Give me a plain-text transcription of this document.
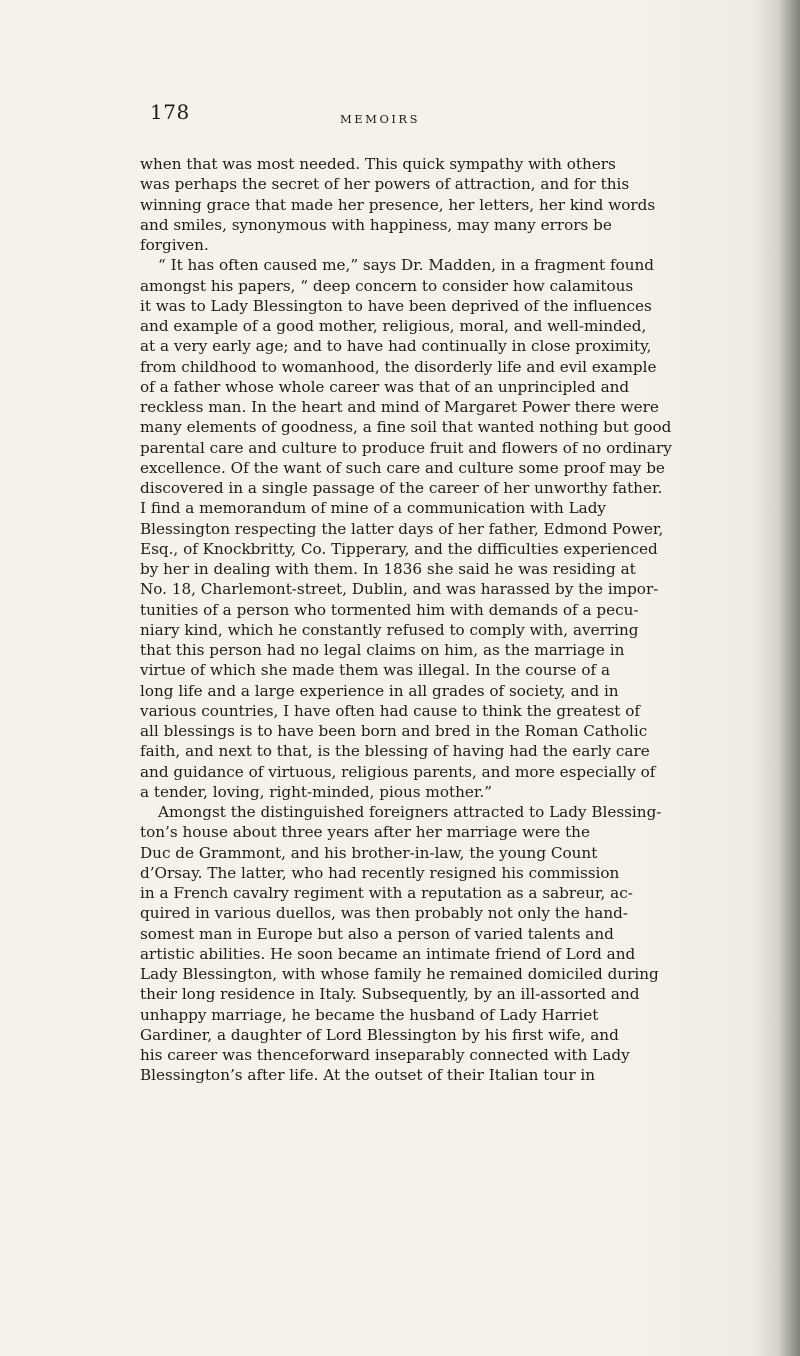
178	MEMOIRS
when that was most needed. This quick sympathy with others
was perhaps the secret of her powers of attraction, and for this
winning grace that made her presence, her letters, her kind words
and smiles, synonymous with happiness, may many errors be
forgiven.
“ It has often caused me,” says Dr. Madden, in a fragment found
amongst his papers, “ deep concern to consider how calamitous
it was to Lady Blessington to have been deprived of the influences
and example of a good mother, religious, moral, and well-minded,
at a very early age; and to have had continually in close proximity,
from childhood to womanhood, the disorderly life and evil example
of a father whose whole career was that of an unprincipled and
reckless man. In the heart and mind of Margaret Power there were
many elements of goodness, a fine soil that wanted nothing but good
parental care and culture to produce fruit and flowers of no ordinary
excellence. Of the want of such care and culture some proof may be
discovered in a single passage of the career of her unworthy father.
I find a memorandum of mine of a communication with Lady
Blessington respecting the latter days of her father, Edmond Power,
Esq., of Knockbritty, Co. Tipperary, and the difficulties experienced
by her in dealing with them. In 1836 she said he was residing at
No. 18, Charlemont-street, Dublin, and was harassed by the impor-
tunities of a person who tormented him with demands of a pecu-
niary kind, which he constantly refused to comply with, averring
that this person had no legal claims on him, as the marriage in
virtue of which she made them was illegal. In the course of a
long life and a large experience in all grades of society, and in
various countries, I have often had cause to think the greatest of
all blessings is to have been born and bred in the Roman Catholic
faith, and next to that, is the blessing of having had the early care
and guidance of virtuous, religious parents, and more especially of
a tender, loving, right-minded, pious mother.”
Amongst the distinguished foreigners attracted to Lady Blessing-
ton’s house about three years after her marriage were the
Duc de Grammont, and his brother-in-law, the young Count
d’Orsay. The latter, who had recently resigned his commission
in a French cavalry regiment with a reputation as a sabreur, ac-
quired in various duellos, was then probably not only the hand-
somest man in Europe but also a person of varied talents and
artistic abilities. He soon became an intimate friend of Lord and
Lady Blessington, with whose family he remained domiciled during
their long residence in Italy. Subsequently, by an ill-assorted and
unhappy marriage, he became the husband of Lady Harriet
Gardiner, a daughter of Lord Blessington by his first wife, and
his career was thenceforward inseparably connected with Lady
Blessington’s after life. At the outset of their Italian tour in
